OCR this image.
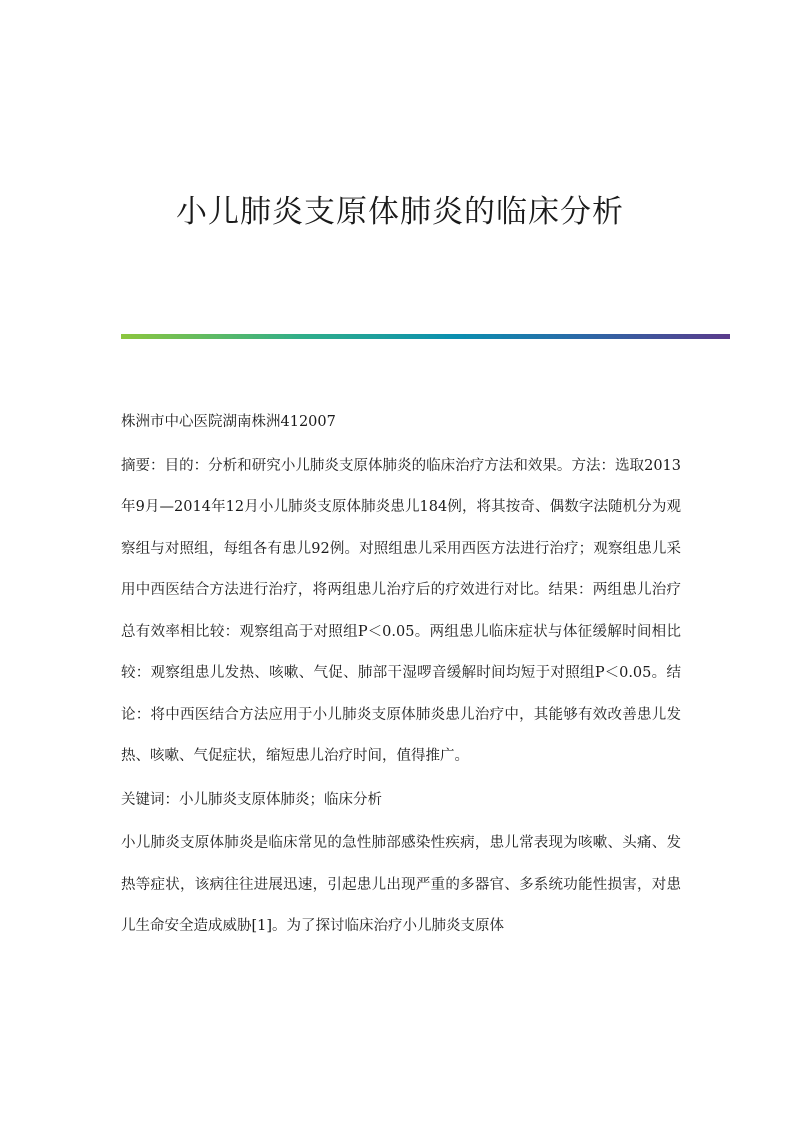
小儿肺炎支原体肺炎的临床分析

株洲市中心医院湖南株洲412007

摘要：目的：分析和研究小儿肺炎支原体肺炎的临床治疗方法和效果。方法：选取2013年9月—2014年12月小儿肺炎支原体肺炎患儿184例，将其按奇、偶数字法随机分为观察组与对照组，每组各有患儿92例。对照组患儿采用西医方法进行治疗；观察组患儿采用中西医结合方法进行治疗，将两组患儿治疗后的疗效进行对比。结果：两组患儿治疗总有效率相比较：观察组高于对照组P＜0.05。两组患儿临床症状与体征缓解时间相比较：观察组患儿发热、咳嗽、气促、肺部干湿啰音缓解时间均短于对照组P＜0.05。结论：将中西医结合方法应用于小儿肺炎支原体肺炎患儿治疗中，其能够有效改善患儿发热、咳嗽、气促症状，缩短患儿治疗时间，值得推广。

关键词：小儿肺炎支原体肺炎；临床分析

小儿肺炎支原体肺炎是临床常见的急性肺部感染性疾病，患儿常表现为咳嗽、头痛、发热等症状，该病往往进展迅速，引起患儿出现严重的多器官、多系统功能性损害，对患儿生命安全造成威胁[1]。为了探讨临床治疗小儿肺炎支原体
